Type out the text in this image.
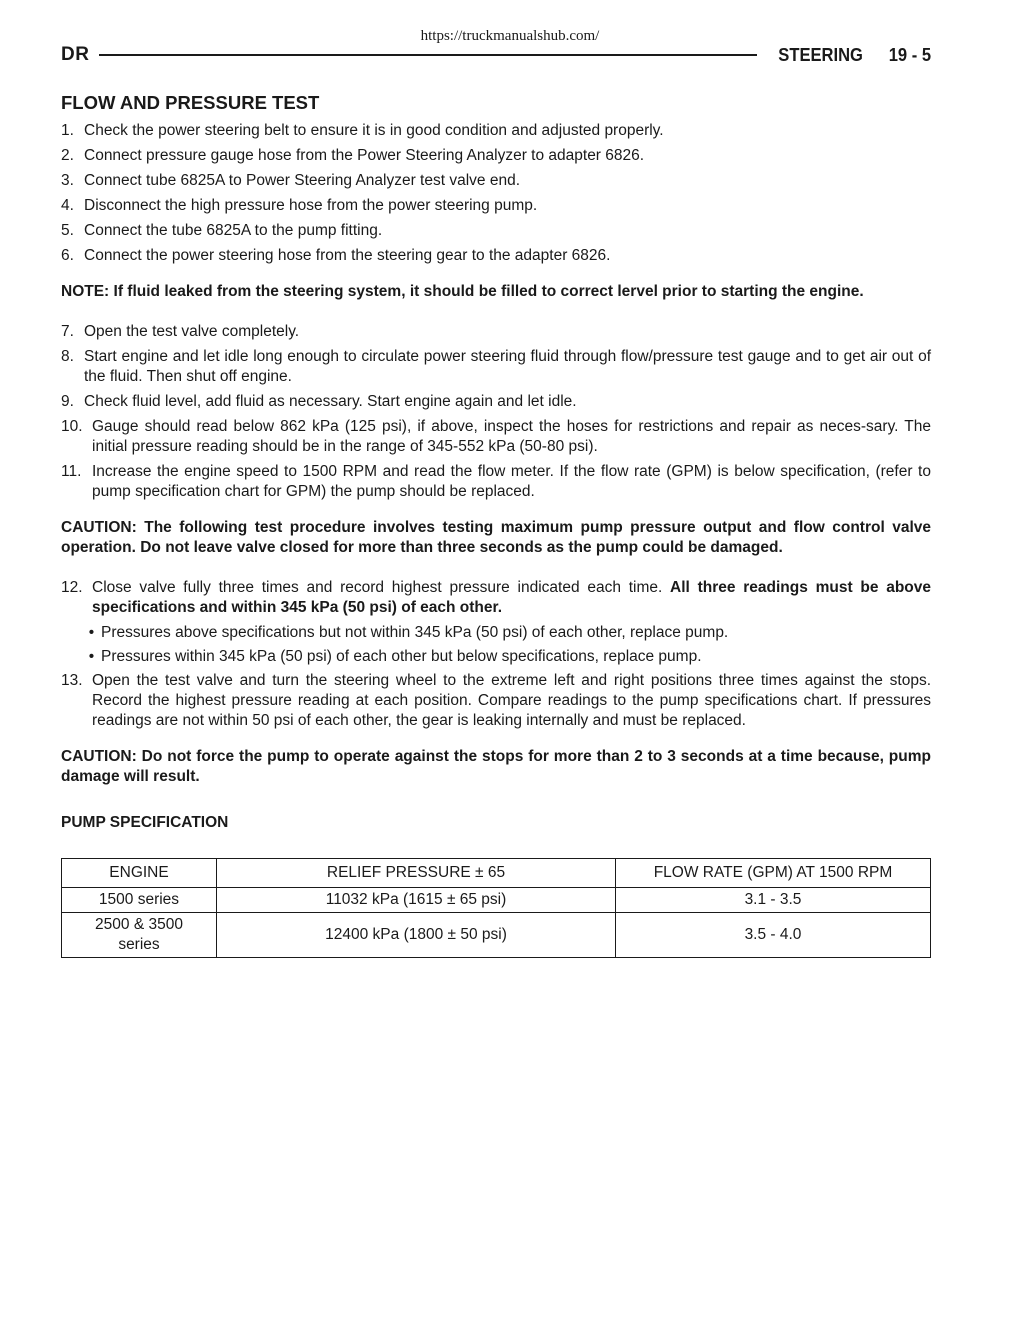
https://truckmanualshub.com/
DR	STEERING 19 - 5
FLOW AND PRESSURE TEST
1. Check the power steering belt to ensure it is in good condition and adjusted properly.
2. Connect pressure gauge hose from the Power Steering Analyzer to adapter 6826.
3. Connect tube 6825A to Power Steering Analyzer test valve end.
4. Disconnect the high pressure hose from the power steering pump.
5. Connect the tube 6825A to the pump fitting.
6. Connect the power steering hose from the steering gear to the adapter 6826.

NOTE: If fluid leaked from the steering system, it should be filled to correct lervel prior to starting the engine.

7. Open the test valve completely.
8. Start engine and let idle long enough to circulate power steering fluid through flow/pressure test gauge and to get air out of the fluid. Then shut off engine.
9. Check fluid level, add fluid as necessary. Start engine again and let idle.
10. Gauge should read below 862 kPa (125 psi), if above, inspect the hoses for restrictions and repair as neces-sary. The initial pressure reading should be in the range of 345-552 kPa (50-80 psi).
11. Increase the engine speed to 1500 RPM and read the flow meter. If the flow rate (GPM) is below specification, (refer to pump specification chart for GPM) the pump should be replaced.

CAUTION: The following test procedure involves testing maximum pump pressure output and flow control valve operation. Do not leave valve closed for more than three seconds as the pump could be damaged.

12. Close valve fully three times and record highest pressure indicated each time. All three readings must be above specifications and within 345 kPa (50 psi) of each other.
• Pressures above specifications but not within 345 kPa (50 psi) of each other, replace pump.
• Pressures within 345 kPa (50 psi) of each other but below specifications, replace pump.
13. Open the test valve and turn the steering wheel to the extreme left and right positions three times against the stops. Record the highest pressure reading at each position. Compare readings to the pump specifications chart. If pressures readings are not within 50 psi of each other, the gear is leaking internally and must be replaced.

CAUTION: Do not force the pump to operate against the stops for more than 2 to 3 seconds at a time because, pump damage will result.

PUMP SPECIFICATION

ENGINE	RELIEF PRESSURE ± 65	FLOW RATE (GPM) AT 1500 RPM
1500 series	11032 kPa (1615 ± 65 psi)	3.1 - 3.5
2500 & 3500 series	12400 kPa (1800 ± 50 psi)	3.5 - 4.0
